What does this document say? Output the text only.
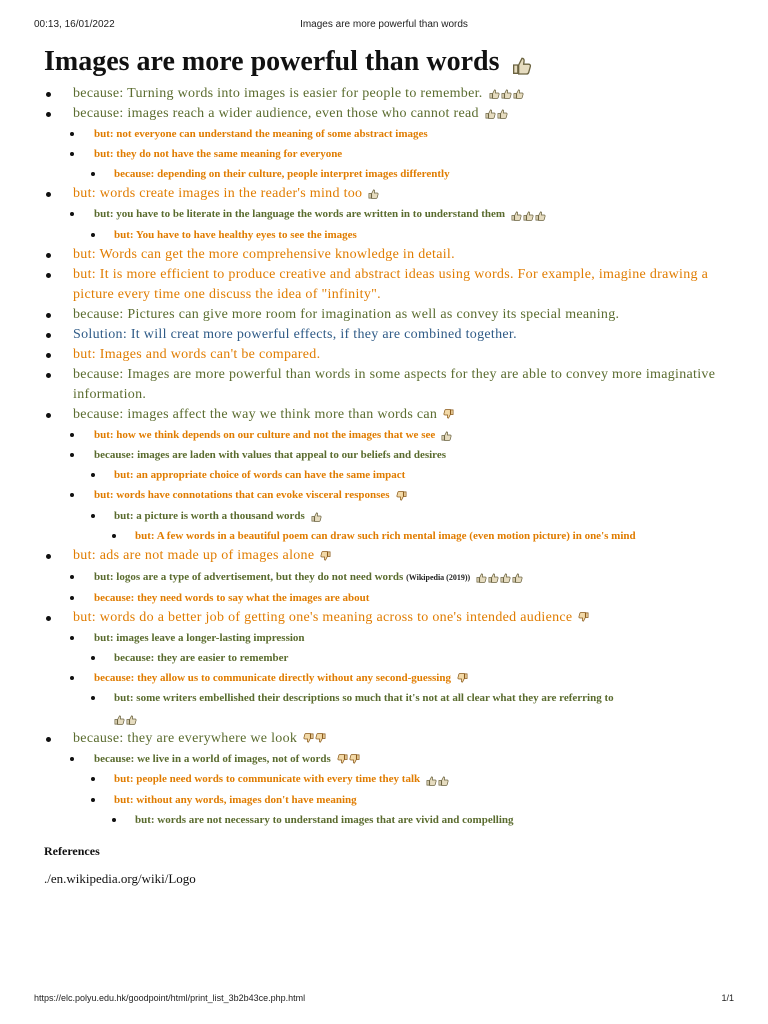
00:13, 16/01/2022	Images are more powerful than words
Images are more powerful than words
because: Turning words into images is easier for people to remember.
because: images reach a wider audience, even those who cannot read
but: not everyone can understand the meaning of some abstract images
but: they do not have the same meaning for everyone
because: depending on their culture, people interpret images differently
but: words create images in the reader's mind too
but: you have to be literate in the language the words are written in to understand them
but: You have to have healthy eyes to see the images
but: Words can get the more comprehensive knowledge in detail.
but: It is more efficient to produce creative and abstract ideas using words. For example, imagine drawing a picture every time one discuss the idea of "infinity".
because: Pictures can give more room for imagination as well as convey its special meaning.
Solution: It will creat more powerful effects, if they are combined together.
but: Images and words can't be compared.
because: Images are more powerful than words in some aspects for they are able to convey more imaginative information.
because: images affect the way we think more than words can
but: how we think depends on our culture and not the images that we see
because: images are laden with values that appeal to our beliefs and desires
but: an appropriate choice of words can have the same impact
but: words have connotations that can evoke visceral responses
but: a picture is worth a thousand words
but: A few words in a beautiful poem can draw such rich mental image (even motion picture) in one's mind
but: ads are not made up of images alone
but: logos are a type of advertisement, but they do not need words (Wikipedia (2019))
because: they need words to say what the images are about
but: words do a better job of getting one's meaning across to one's intended audience
but: images leave a longer-lasting impression
because: they are easier to remember
because: they allow us to communicate directly without any second-guessing
but: some writers embellished their descriptions so much that it's not at all clear what they are referring to

because: they are everywhere we look
because: we live in a world of images, not of words
but: people need words to communicate with every time they talk
but: without any words, images don't have meaning
but: words are not necessary to understand images that are vivid and compelling
References
./en.wikipedia.org/wiki/Logo
https://elc.polyu.edu.hk/goodpoint/html/print_list_3b2b43ce.php.html	1/1
